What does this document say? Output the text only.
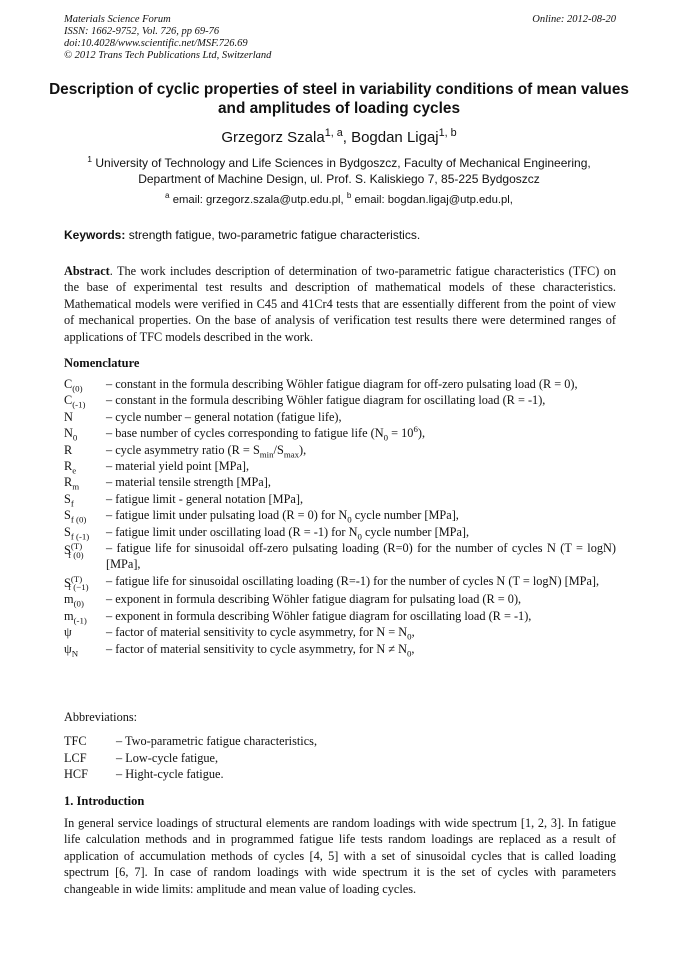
Materials Science Forum
ISSN: 1662-9752, Vol. 726, pp 69-76
doi:10.4028/www.scientific.net/MSF.726.69
© 2012 Trans Tech Publications Ltd, Switzerland
Online: 2012-08-20
Description of cyclic properties of steel in variability conditions of mean values and amplitudes of loading cycles
Grzegorz Szala$^{1, a}$, Bogdan Ligaj$^{1, b}$
$^1$ University of Technology and Life Sciences in Bydgoszcz, Faculty of Mechanical Engineering,
Department of Machine Design, ul. Prof. S. Kaliskiego 7, 85-225 Bydgoszcz
$^a$ email: grzegorz.szala@utp.edu.pl, $^b$ email: bogdan.ligaj@utp.edu.pl,
Keywords: strength fatigue, two-parametric fatigue characteristics.
Abstract. The work includes description of determination of two-parametric fatigue characteristics (TFC) on the base of experimental test results and description of mathematical models of these characteristics. Mathematical models were verified in C45 and 41Cr4 tests that are essentially different from the point of view of mechanical properties. On the base of analysis of verification test results there were determined ranges of applications of TFC models described in the work.
Nomenclature
$C_{(0)}$	– constant in the formula describing Wöhler fatigue diagram for off-zero pulsating load (R = 0),
$C_{(-1)}$	– constant in the formula describing Wöhler fatigue diagram for oscillating load (R = -1),
N	– cycle number – general notation (fatigue life),
$N_0$	– base number of cycles corresponding to fatigue life $(N_0 = 10^6)$,
R	– cycle asymmetry ratio $(R = S_{min}/S_{max})$,
$R_e$	– material yield point [MPa],
$R_m$	– material tensile strength [MPa],
$S_f$	– fatigue limit - general notation [MPa],
$S_{f (0)}$	– fatigue limit under pulsating load (R = 0) for $N_0$ cycle number [MPa],
$S_{f (-1)}$	– fatigue limit under oscillating load (R = -1) for $N_0$ cycle number [MPa],
$S^{(T)}_{f (0)}$	– fatigue life for sinusoidal off-zero pulsating loading (R=0) for the number of cycles N (T = logN) [MPa],
$S^{(T)}_{f (-1)}$	– fatigue life for sinusoidal oscillating loading (R=-1) for the number of cycles N (T = logN) [MPa],
$m_{(0)}$	– exponent in formula describing Wöhler fatigue diagram for pulsating load (R = 0),
$m_{(-1)}$	– exponent in formula describing Wöhler fatigue diagram for oscillating load (R = -1),
ψ	– factor of material sensitivity to cycle asymmetry, for $N = N_0$,
$\psi_N$	– factor of material sensitivity to cycle asymmetry, for $N \ne N_0$,
Abbreviations:
TFC	– Two-parametric fatigue characteristics,
LCF	– Low-cycle fatigue,
HCF	– Hight-cycle fatigue.
1. Introduction
In general service loadings of structural elements are random loadings with wide spectrum [1, 2, 3]. In fatigue life calculation methods and in programmed fatigue life tests random loadings are replaced as a result of application of accumulation methods of cycles [4, 5] with a set of sinusoidal cycles that is called loading spectrum [6, 7]. In case of random loadings with wide spectrum it is the set of cycles with parameters changeable in wide limits: amplitude and mean value of loading cycles.
